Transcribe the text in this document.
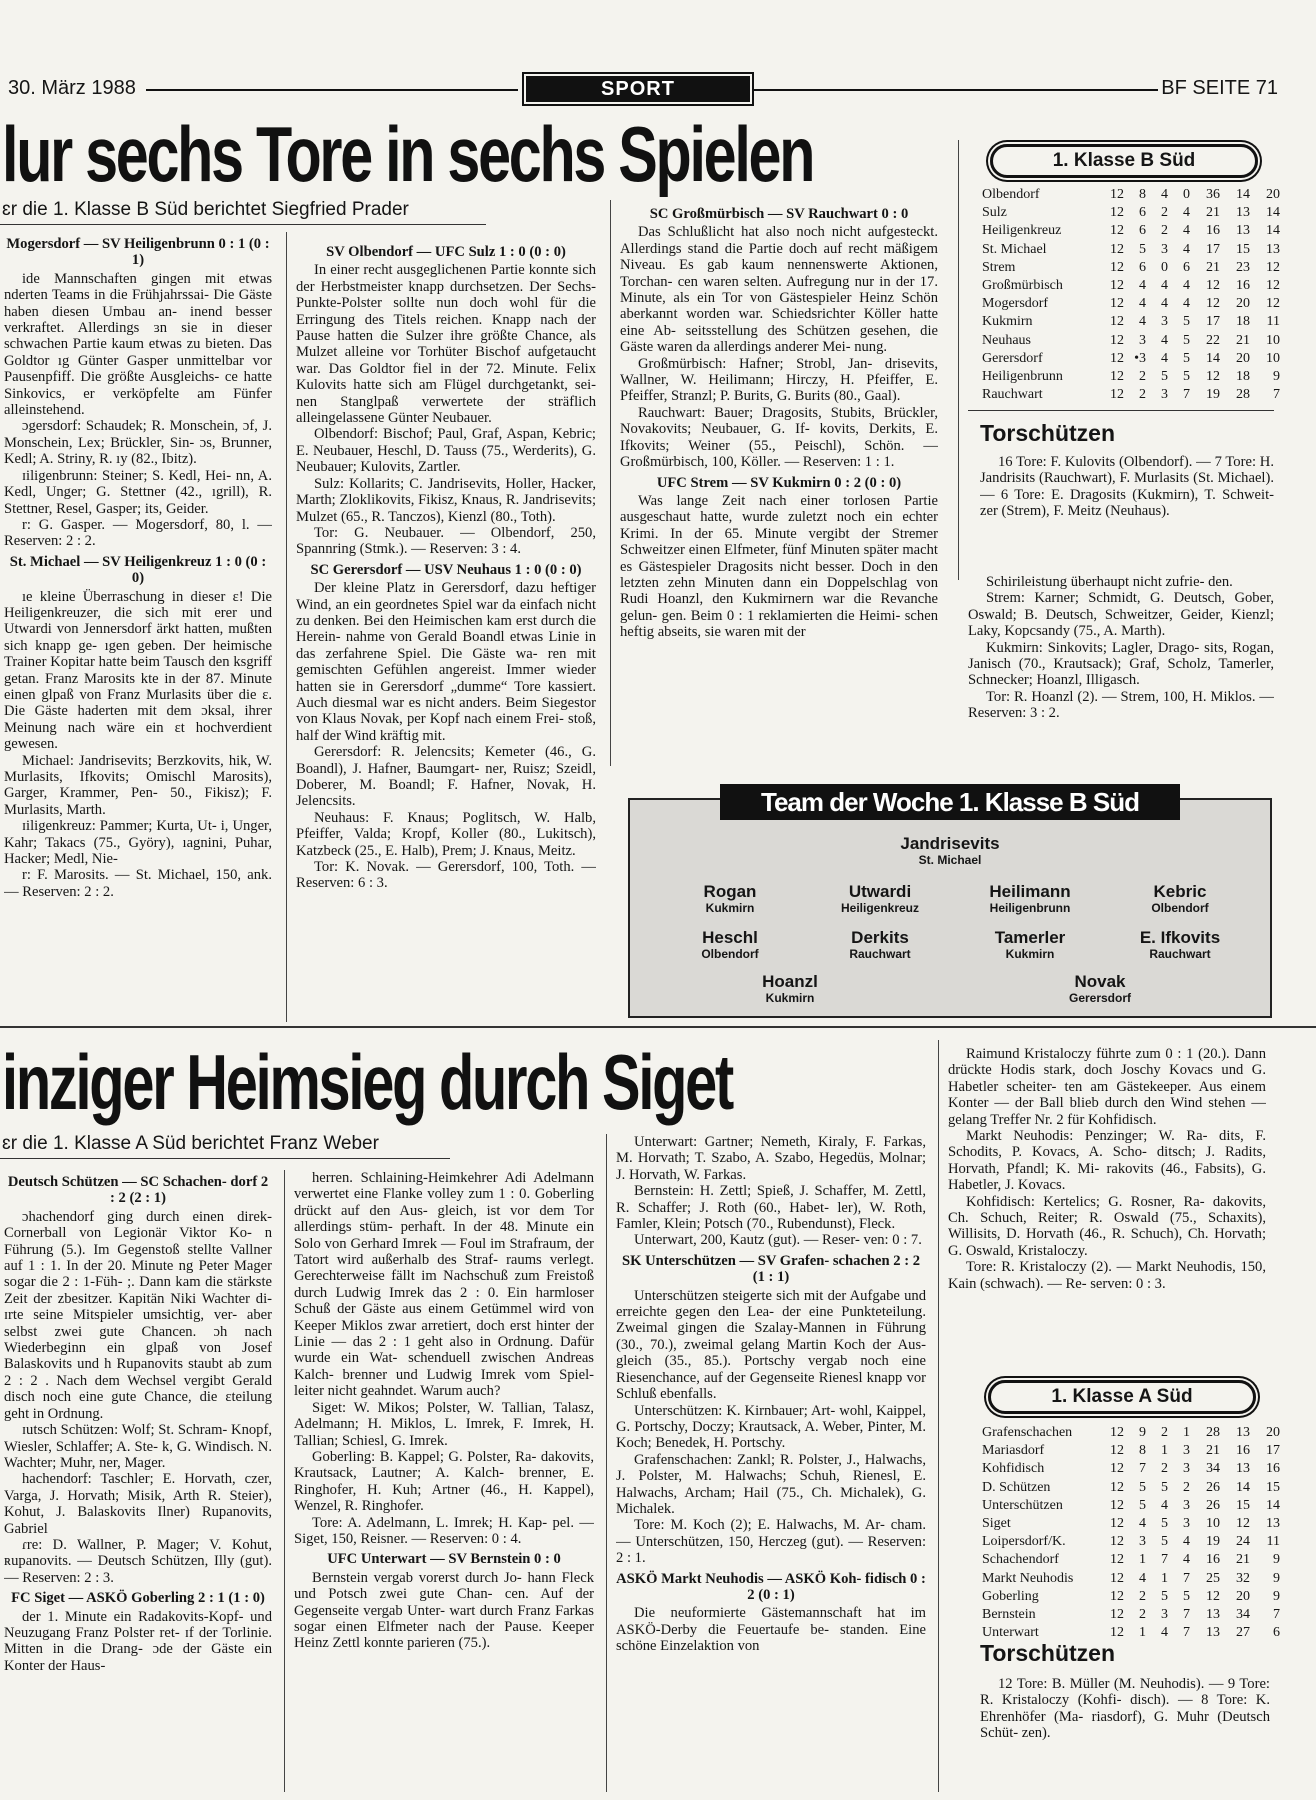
30. März 1988	SPORT	BF SEITE 71
lur sechs Tore in sechs Spielen
ɛr die 1. Klasse B Süd berichtet Siegfried Prader

Mogersdorf — SV Heiligenbrunn 0 : 1 (0 : 1)

ide Mannschaften gingen mit etwas nderten Teams in die Frühjahrssai- Die Gäste haben diesen Umbau an- inend besser verkraftet. Allerdings ɜn sie in dieser schwachen Partie kaum etwas zu bieten. Das Goldtor ıg Günter Gasper unmittelbar vor Pausenpfiff. Die größte Ausgleichs- ce hatte Sinkovics, er verköpfelte am Fünfer alleinstehend.

ɔgersdorf: Schaudek; R. Monschein, ɔf, J. Monschein, Lex; Brückler, Sin- ɔs, Brunner, Kedl; A. Striny, R. ıy (82., Ibitz).

ɪiligenbrunn: Steiner; S. Kedl, Hei- nn, A. Kedl, Unger; G. Stettner (42., ıgrill), R. Stettner, Resel, Gasper; its, Geider.

r: G. Gasper. — Mogersdorf, 80, l. — Reserven: 2 : 2.

St. Michael — SV Heiligenkreuz 1 : 0 (0 : 0)

ıe kleine Überraschung in dieser ɛ! Die Heiligenkreuzer, die sich mit erer und Utwardi von Jennersdorf ärkt hatten, mußten sich knapp ge- ıgen geben. Der heimische Trainer Kopitar hatte beim Tausch den ksgriff getan. Franz Marosits kte in der 87. Minute einen glpaß von Franz Murlasits über die ɛ. Die Gäste haderten mit dem ɔksal, ihrer Meinung nach wäre ein ɛt hochverdient gewesen.

Michael: Jandrisevits; Berzkovits, hik, W. Murlasits, Ifkovits; Omischl Marosits), Garger, Krammer, Pen- 50., Fikisz); F. Murlasits, Marth.

ɪiligenkreuz: Pammer; Kurta, Ut- i, Unger, Kahr; Takacs (75., Györy), ıagnini, Puhar, Hacker; Medl, Nie-

r: F. Marosits. — St. Michael, 150, ank. — Reserven: 2 : 2.

SV Olbendorf — UFC Sulz 1 : 0 (0 : 0)

In einer recht ausgeglichenen Partie konnte sich der Herbstmeister knapp durchsetzen. Der Sechs-Punkte-Polster sollte nun doch wohl für die Erringung des Titels reichen. Knapp nach der Pause hatten die Sulzer ihre größte Chance, als Mulzet alleine vor Torhüter Bischof aufgetaucht war. Das Goldtor fiel in der 72. Minute. Felix Kulovits hatte sich am Flügel durchgetankt, sei- nen Stanglpaß verwertete der sträflich alleingelassene Günter Neubauer.

Olbendorf: Bischof; Paul, Graf, Aspan, Kebric; E. Neubauer, Heschl, D. Tauss (75., Werderits), G. Neubauer; Kulovits, Zartler.

Sulz: Kollarits; C. Jandrisevits, Holler, Hacker, Marth; Zloklikovits, Fikisz, Knaus, R. Jandrisevits; Mulzet (65., R. Tanczos), Kienzl (80., Toth).

Tor: G. Neubauer. — Olbendorf, 250, Spannring (Stmk.). — Reserven: 3 : 4.

SC Gerersdorf — USV Neuhaus 1 : 0 (0 : 0)

Der kleine Platz in Gerersdorf, dazu heftiger Wind, an ein geordnetes Spiel war da einfach nicht zu denken. Bei den Heimischen kam erst durch die Herein- nahme von Gerald Boandl etwas Linie in das zerfahrene Spiel. Die Gäste wa- ren mit gemischten Gefühlen angereist. Immer wieder hatten sie in Gerersdorf „dumme“ Tore kassiert. Auch diesmal war es nicht anders. Beim Siegestor von Klaus Novak, per Kopf nach einem Frei- stoß, half der Wind kräftig mit.

Gerersdorf: R. Jelencsits; Kemeter (46., G. Boandl), J. Hafner, Baumgart- ner, Ruisz; Szeidl, Doberer, M. Boandl; F. Hafner, Novak, H. Jelencsits.

Neuhaus: F. Knaus; Poglitsch, W. Halb, Pfeiffer, Valda; Kropf, Koller (80., Lukitsch), Katzbeck (25., E. Halb), Prem; J. Knaus, Meitz.

Tor: K. Novak. — Gerersdorf, 100, Toth. — Reserven: 6 : 3.

SC Großmürbisch — SV Rauchwart 0 : 0

Das Schlußlicht hat also noch nicht aufgesteckt. Allerdings stand die Partie doch auf recht mäßigem Niveau. Es gab kaum nennenswerte Aktionen, Torchan- cen waren selten. Aufregung nur in der 17. Minute, als ein Tor von Gästespieler Heinz Schön aberkannt worden war. Schiedsrichter Köller hatte eine Ab- seitsstellung des Schützen gesehen, die Gäste waren da allerdings anderer Mei- nung.

Großmürbisch: Hafner; Strobl, Jan- drisevits, Wallner, W. Heilimann; Hirczy, H. Pfeiffer, E. Pfeiffer, Stranzl; P. Burits, G. Burits (80., Gaal).

Rauchwart: Bauer; Dragosits, Stubits, Brückler, Novakovits; Neubauer, G. If- kovits, Derkits, E. Ifkovits; Weiner (55., Peischl), Schön. — Großmürbisch, 100, Köller. — Reserven: 1 : 1.

UFC Strem — SV Kukmirn 0 : 2 (0 : 0)

Was lange Zeit nach einer torlosen Partie ausgeschaut hatte, wurde zuletzt noch ein echter Krimi. In der 65. Minute vergibt der Stremer Schweitzer einen Elfmeter, fünf Minuten später macht es Gästespieler Dragosits nicht besser. Doch in den letzten zehn Minuten dann ein Doppelschlag von Rudi Hoanzl, den Kukmirnern war die Revanche gelun- gen. Beim 0 : 1 reklamierten die Heimi- schen heftig abseits, sie waren mit der

Schirileistung überhaupt nicht zufrie- den.

Strem: Karner; Schmidt, G. Deutsch, Gober, Oswald; B. Deutsch, Schweitzer, Geider, Kienzl; Laky, Kopcsandy (75., A. Marth).

Kukmirn: Sinkovits; Lagler, Drago- sits, Rogan, Janisch (70., Krautsack); Graf, Scholz, Tamerler, Schnecker; Hoanzl, Illigasch.

Tor: R. Hoanzl (2). — Strem, 100, H. Miklos. — Reserven: 3 : 2.

1. Klasse B Süd
Olbendorf	12	8	4	0	36	14	20
Sulz	12	6	2	4	21	13	14
Heiligenkreuz	12	6	2	4	16	13	14
St. Michael	12	5	3	4	17	15	13
Strem	12	6	0	6	21	23	12
Großmürbisch	12	4	4	4	12	16	12
Mogersdorf	12	4	4	4	12	20	12
Kukmirn	12	4	3	5	17	18	11
Neuhaus	12	3	4	5	22	21	10
Gerersdorf	12	•3	4	5	14	20	10
Heiligenbrunn	12	2	5	5	12	18	9
Rauchwart	12	2	3	7	19	28	7
Torschützen
16 Tore: F. Kulovits (Olbendorf). — 7 Tore: H. Jandrisits (Rauchwart), F. Murlasits (St. Michael). — 6 Tore: E. Dragosits (Kukmirn), T. Schweit- zer (Strem), F. Meitz (Neuhaus).
Team der Woche 1. Klasse B Süd
Jandrisevits
St. Michael
Rogan
Kukmirn
Utwardi
Heiligenkreuz
Heilimann
Heiligenbrunn
Kebric
Olbendorf
Heschl
Olbendorf
Derkits
Rauchwart
Tamerler
Kukmirn
E. Ifkovits
Rauchwart
Hoanzl
Kukmirn
Novak
Gerersdorf
inziger Heimsieg durch Siget
ɛr die 1. Klasse A Süd berichtet Franz Weber

Deutsch Schützen — SC Schachen- dorf 2 : 2 (2 : 1)

ɔhachendorf ging durch einen direk- Cornerball von Legionär Viktor Ko- n Führung (5.). Im Gegenstoß stellte Vallner auf 1 : 1. In der 20. Minute ng Peter Mager sogar die 2 : 1-Füh- ;. Dann kam die stärkste Zeit der zbesitzer. Kapitän Niki Wachter di- ɪrte seine Mitspieler umsichtig, ver- aber selbst zwei gute Chancen. ɔh nach Wiederbeginn ein glpaß von Josef Balaskovits und h Rupanovits staubt ab zum 2 : 2 . Nach dem Wechsel vergibt Gerald disch noch eine gute Chance, die ɛteilung geht in Ordnung.

ɪutsch Schützen: Wolf; St. Schram- Knopf, Wiesler, Schlaffer; A. Ste- k, G. Windisch. N. Wachter; Muhr, ner, Mager.

hachendorf: Taschler; E. Horvath, czer, Varga, J. Horvath; Misik, Arth R. Steier), Kohut, J. Balaskovits Ilner) Rupanovits, Gabriel

ɾre: D. Wallner, P. Mager; V. Kohut, ʀupanovits. — Deutsch Schützen, Illy (gut). — Reserven: 2 : 3.

FC Siget — ASKÖ Goberling 2 : 1 (1 : 0)

der 1. Minute ein Radakovits-Kopf- und Neuzugang Franz Polster ret- ɪf der Torlinie. Mitten in die Drang- ɔde der Gäste ein Konter der Haus-

herren. Schlaining-Heimkehrer Adi Adelmann verwertet eine Flanke volley zum 1 : 0. Goberling drückt auf den Aus- gleich, ist vor dem Tor allerdings stüm- perhaft. In der 48. Minute ein Solo von Gerhard Imrek — Foul im Strafraum, der Tatort wird außerhalb des Straf- raums verlegt. Gerechterweise fällt im Nachschuß zum Freistoß durch Ludwig Imrek das 2 : 0. Ein harmloser Schuß der Gäste aus einem Getümmel wird von Keeper Miklos zwar arretiert, doch erst hinter der Linie — das 2 : 1 geht also in Ordnung. Dafür wurde ein Wat- schenduell zwischen Andreas Kalch- brenner und Ludwig Imrek vom Spiel- leiter nicht geahndet. Warum auch?

Siget: W. Mikos; Polster, W. Tallian, Talasz, Adelmann; H. Miklos, L. Imrek, F. Imrek, H. Tallian; Schiesl, G. Imrek.

Goberling: B. Kappel; G. Polster, Ra- dakovits, Krautsack, Lautner; A. Kalch- brenner, E. Ringhofer, H. Kuh; Artner (46., H. Kappel), Wenzel, R. Ringhofer.

Tore: A. Adelmann, L. Imrek; H. Kap- pel. — Siget, 150, Reisner. — Reserven: 0 : 4.

UFC Unterwart — SV Bernstein 0 : 0

Bernstein vergab vorerst durch Jo- hann Fleck und Potsch zwei gute Chan- cen. Auf der Gegenseite vergab Unter- wart durch Franz Farkas sogar einen Elfmeter nach der Pause. Keeper Heinz Zettl konnte parieren (75.).

Unterwart: Gartner; Nemeth, Kiraly, F. Farkas, M. Horvath; T. Szabo, A. Szabo, Hegedüs, Molnar; J. Horvath, W. Farkas.

Bernstein: H. Zettl; Spieß, J. Schaffer, M. Zettl, R. Schaffer; J. Roth (60., Habet- ler), W. Roth, Famler, Klein; Potsch (70., Rubendunst), Fleck.

Unterwart, 200, Kautz (gut). — Reser- ven: 0 : 7.

SK Unterschützen — SV Grafen- schachen 2 : 2 (1 : 1)

Unterschützen steigerte sich mit der Aufgabe und erreichte gegen den Lea- der eine Punkteteilung. Zweimal gingen die Szalay-Mannen in Führung (30., 70.), zweimal gelang Martin Koch der Aus- gleich (35., 85.). Portschy vergab noch eine Riesenchance, auf der Gegenseite Rienesl knapp vor Schluß ebenfalls.

Unterschützen: K. Kirnbauer; Art- wohl, Kaippel, G. Portschy, Doczy; Krautsack, A. Weber, Pinter, M. Koch; Benedek, H. Portschy.

Grafenschachen: Zankl; R. Polster, J., Halwachs, J. Polster, M. Halwachs; Schuh, Rienesl, E. Halwachs, Archam; Hail (75., Ch. Michalek), G. Michalek.

Tore: M. Koch (2); E. Halwachs, M. Ar- cham. — Unterschützen, 150, Herczeg (gut). — Reserven: 2 : 1.

ASKÖ Markt Neuhodis — ASKÖ Koh- fidisch 0 : 2 (0 : 1)

Die neuformierte Gästemannschaft hat im ASKÖ-Derby die Feuertaufe be- standen. Eine schöne Einzelaktion von

Raimund Kristaloczy führte zum 0 : 1 (20.). Dann drückte Hodis stark, doch Joschy Kovacs und G. Habetler scheiter- ten am Gästekeeper. Aus einem Konter — der Ball blieb durch den Wind stehen — gelang Treffer Nr. 2 für Kohfidisch.

Markt Neuhodis: Penzinger; W. Ra- dits, F. Schodits, P. Kovacs, A. Scho- ditsch; J. Radits, Horvath, Pfandl; K. Mi- rakovits (46., Fabsits), G. Habetler, J. Kovacs.

Kohfidisch: Kertelics; G. Rosner, Ra- dakovits, Ch. Schuch, Reiter; R. Oswald (75., Schaxits), Willisits, D. Horvath (46., R. Schuch), Ch. Horvath; G. Oswald, Kristaloczy.

Tore: R. Kristaloczy (2). — Markt Neuhodis, 150, Kain (schwach). — Re- serven: 0 : 3.

1. Klasse A Süd
Grafenschachen	12	9	2	1	28	13	20
Mariasdorf	12	8	1	3	21	16	17
Kohfidisch	12	7	2	3	34	13	16
D. Schützen	12	5	5	2	26	14	15
Unterschützen	12	5	4	3	26	15	14
Siget	12	4	5	3	10	12	13
Loipersdorf/K.	12	3	5	4	19	24	11
Schachendorf	12	1	7	4	16	21	9
Markt Neuhodis	12	4	1	7	25	32	9
Goberling	12	2	5	5	12	20	9
Bernstein	12	2	3	7	13	34	7
Unterwart	12	1	4	7	13	27	6
Torschützen
12 Tore: B. Müller (M. Neuhodis). — 9 Tore: R. Kristaloczy (Kohfi- disch). — 8 Tore: K. Ehrenhöfer (Ma- riasdorf), G. Muhr (Deutsch Schüt- zen).
